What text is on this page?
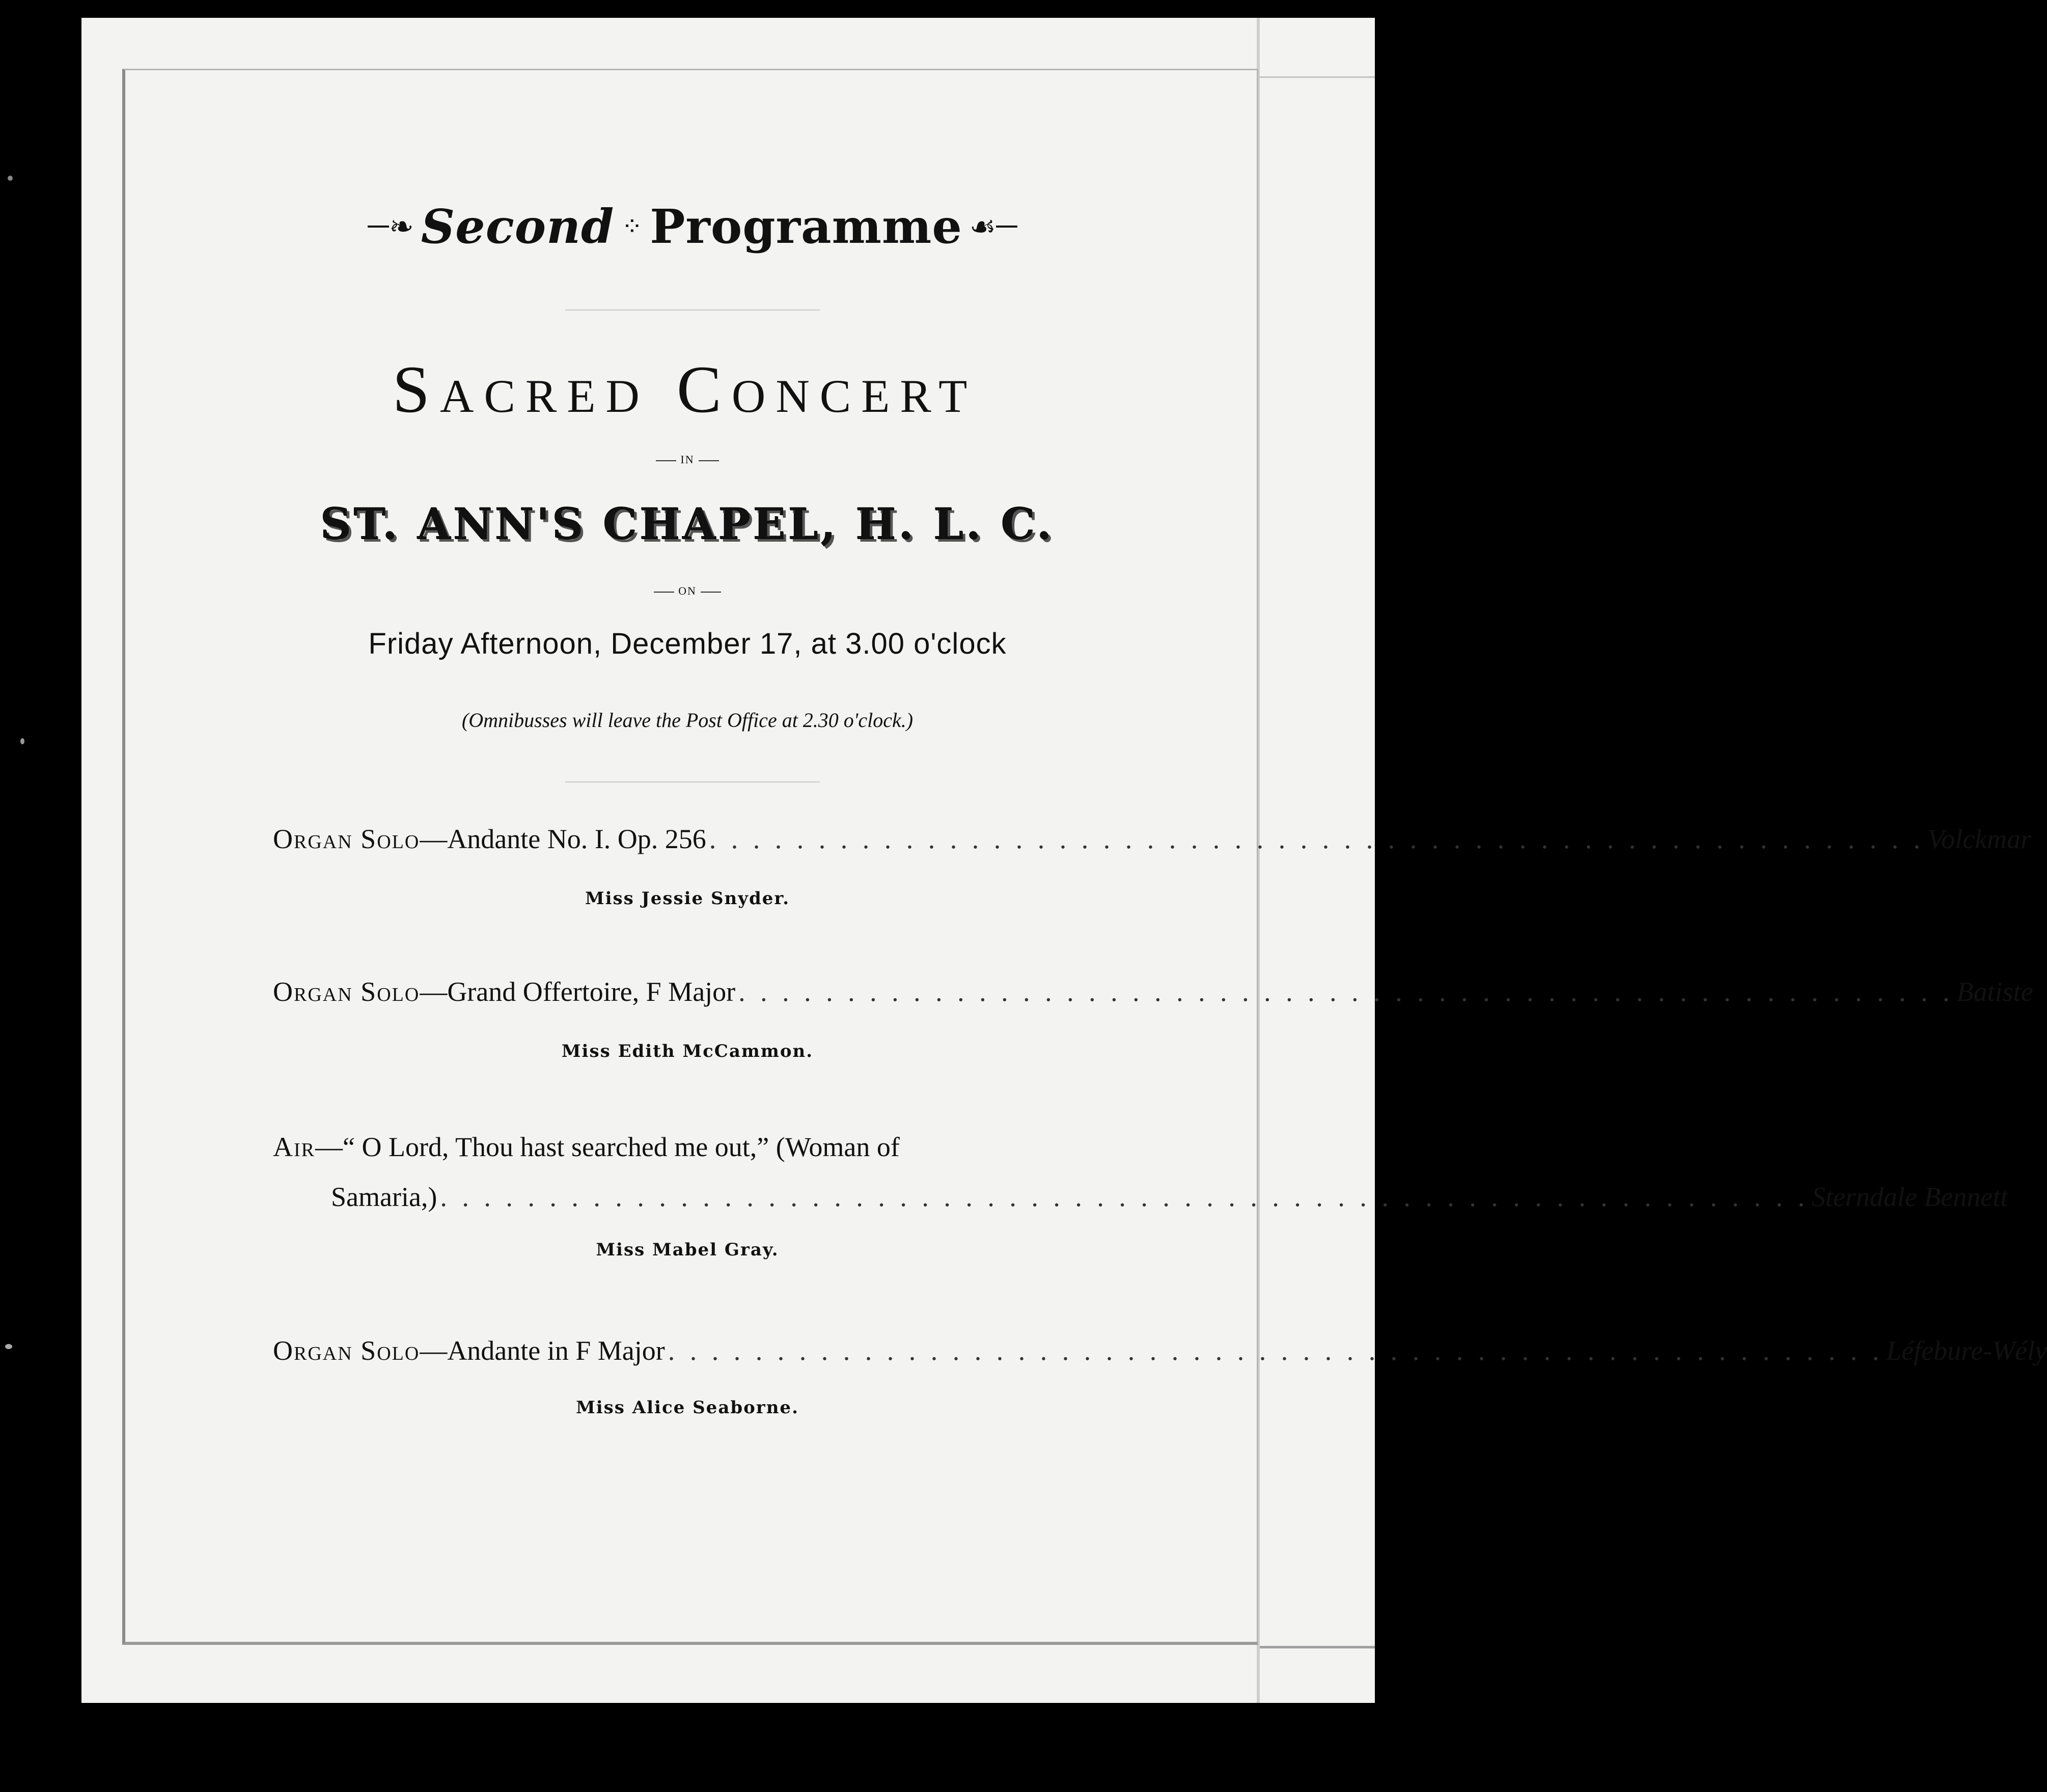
❧ Second ⁘ Programme ☙
Sacred Concert
IN
ST. ANN'S CHAPEL, H. L. C.
ON
Friday Afternoon, December 17, at 3.00 o'clock
(Omnibusses will leave the Post Office at 2.30 o'clock.)
Organ Solo—Andante No. I. Op. 256 . . . . . . . . . . . . . . . . . . . . . . . . . . . . . . . . . . . . . . . . . . . . . . . . . . . . . . . . Volckmar
Miss Jessie Snyder.
Organ Solo—Grand Offertoire, F Major . . . . . . . . . . . . . . . . . . . . . . . . . . . . . . . . . . . . . . . . . . . . . . . . . . . . . . . . Batiste
Miss Edith McCammon.
Air—“ O Lord, Thou hast searched me out,” (Woman of
Samaria,) . . . . . . . . . . . . . . . . . . . . . . . . . . . . . . . . . . . . . . . . . . . . . . . . . . . . . . . . . . . . . . . Sterndale Bennett
Miss Mabel Gray.
Organ Solo—Andante in F Major . . . . . . . . . . . . . . . . . . . . . . . . . . . . . . . . . . . . . . . . . . . . . . . . . . . . . . . . Léfebure-Wély
Miss Alice Seaborne.
